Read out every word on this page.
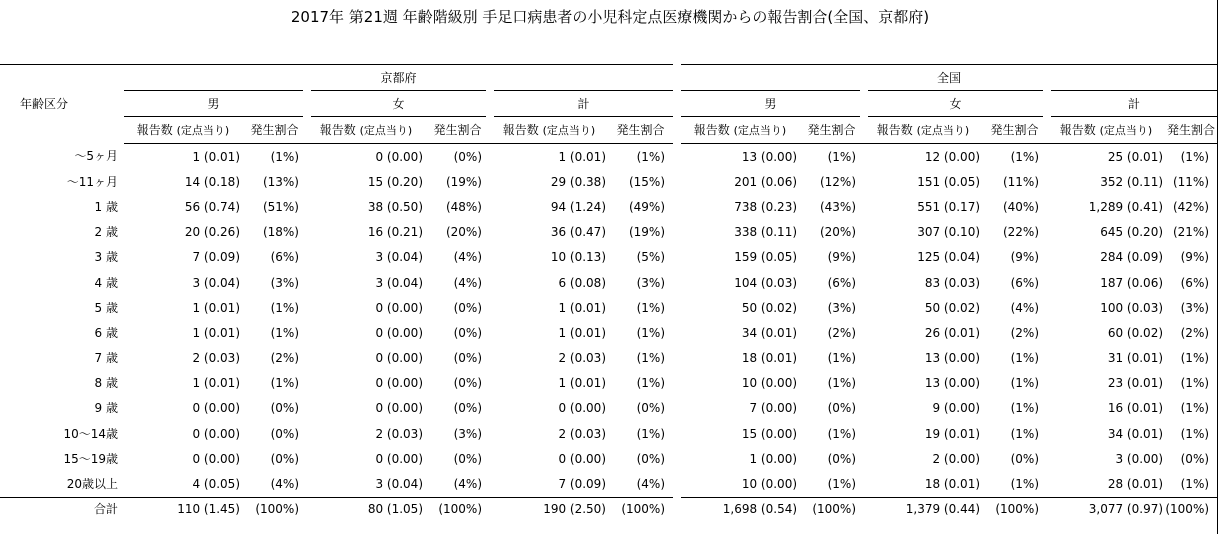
2017年 第21週 年齢階級別 手足口病患者の小児科定点医療機関からの報告割合(全国、京都府)
年齢区分	京都府							全国					
	男		女		計			男		女		計	
	報告数 (定点当り)	発生割合	報告数 (定点当り)	発生割合	報告数 (定点当り)	発生割合		報告数 (定点当り)	発生割合	報告数 (定点当り)	発生割合	報告数 (定点当り)	発生割合
～5ヶ月	1 (0.01)	(1%)	0 (0.00)	(0%)	1 (0.01)	(1%)		13 (0.00)	(1%)	12 (0.00)	(1%)	25 (0.01)	(1%)
～11ヶ月	14 (0.18)	(13%)	15 (0.20)	(19%)	29 (0.38)	(15%)		201 (0.06)	(12%)	151 (0.05)	(11%)	352 (0.11)	(11%)
1 歳	56 (0.74)	(51%)	38 (0.50)	(48%)	94 (1.24)	(49%)		738 (0.23)	(43%)	551 (0.17)	(40%)	1,289 (0.41)	(42%)
2 歳	20 (0.26)	(18%)	16 (0.21)	(20%)	36 (0.47)	(19%)		338 (0.11)	(20%)	307 (0.10)	(22%)	645 (0.20)	(21%)
3 歳	7 (0.09)	(6%)	3 (0.04)	(4%)	10 (0.13)	(5%)		159 (0.05)	(9%)	125 (0.04)	(9%)	284 (0.09)	(9%)
4 歳	3 (0.04)	(3%)	3 (0.04)	(4%)	6 (0.08)	(3%)		104 (0.03)	(6%)	83 (0.03)	(6%)	187 (0.06)	(6%)
5 歳	1 (0.01)	(1%)	0 (0.00)	(0%)	1 (0.01)	(1%)		50 (0.02)	(3%)	50 (0.02)	(4%)	100 (0.03)	(3%)
6 歳	1 (0.01)	(1%)	0 (0.00)	(0%)	1 (0.01)	(1%)		34 (0.01)	(2%)	26 (0.01)	(2%)	60 (0.02)	(2%)
7 歳	2 (0.03)	(2%)	0 (0.00)	(0%)	2 (0.03)	(1%)		18 (0.01)	(1%)	13 (0.00)	(1%)	31 (0.01)	(1%)
8 歳	1 (0.01)	(1%)	0 (0.00)	(0%)	1 (0.01)	(1%)		10 (0.00)	(1%)	13 (0.00)	(1%)	23 (0.01)	(1%)
9 歳	0 (0.00)	(0%)	0 (0.00)	(0%)	0 (0.00)	(0%)		7 (0.00)	(0%)	9 (0.00)	(1%)	16 (0.01)	(1%)
10～14歳	0 (0.00)	(0%)	2 (0.03)	(3%)	2 (0.03)	(1%)		15 (0.00)	(1%)	19 (0.01)	(1%)	34 (0.01)	(1%)
15～19歳	0 (0.00)	(0%)	0 (0.00)	(0%)	0 (0.00)	(0%)		1 (0.00)	(0%)	2 (0.00)	(0%)	3 (0.00)	(0%)
20歳以上	4 (0.05)	(4%)	3 (0.04)	(4%)	7 (0.09)	(4%)		10 (0.00)	(1%)	18 (0.01)	(1%)	28 (0.01)	(1%)
合計	110 (1.45)	(100%)	80 (1.05)	(100%)	190 (2.50)	(100%)		1,698 (0.54)	(100%)	1,379 (0.44)	(100%)	3,077 (0.97)	(100%)
